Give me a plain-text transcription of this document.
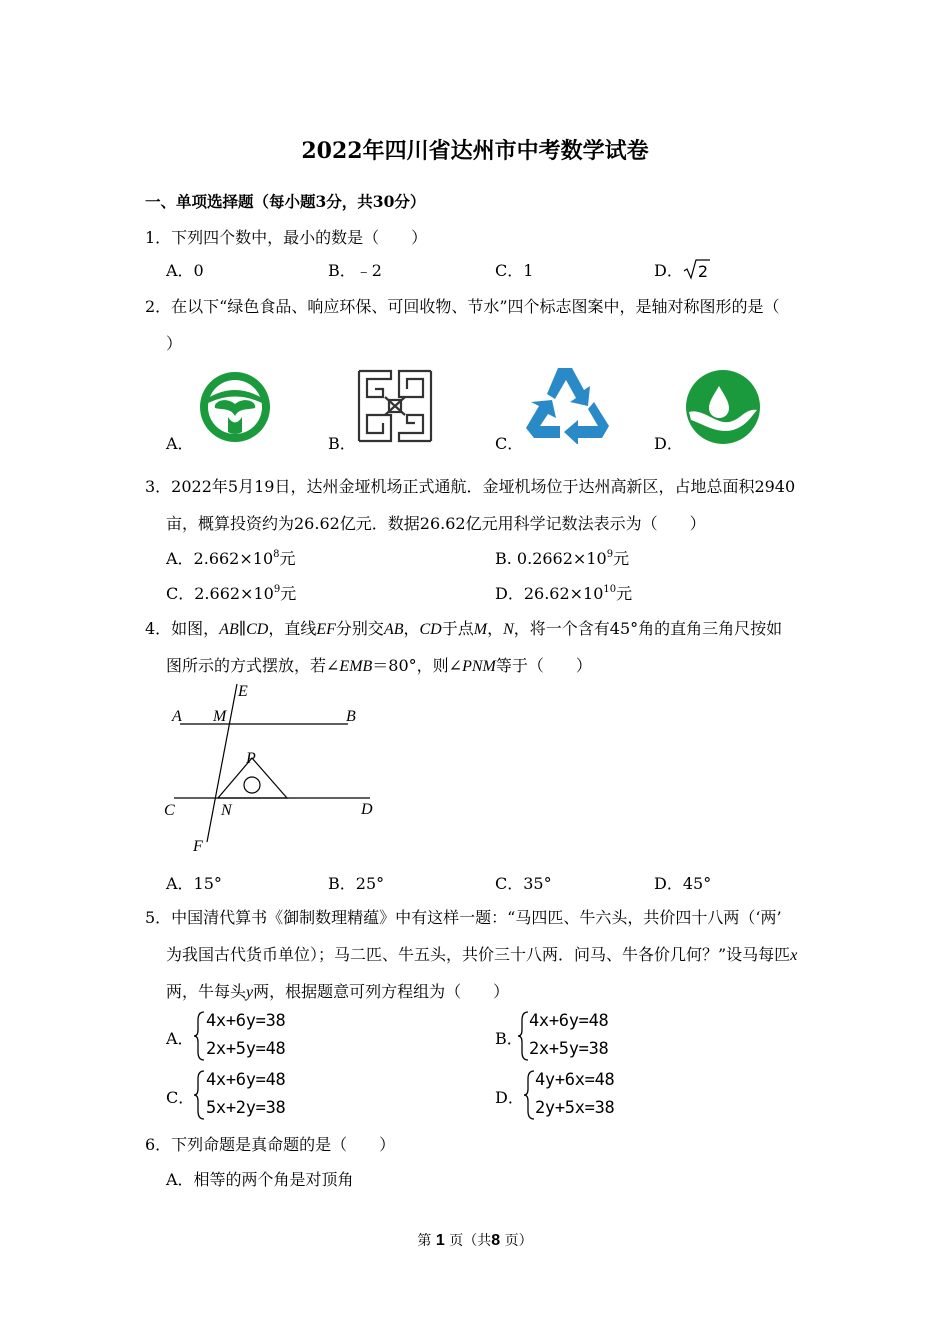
2022年四川省达州市中考数学试卷
一、单项选择题（每小题3分，共30分）
1．下列四个数中，最小的数是（　　）
A．0	B．﹣2	C．1	D． 2
2．在以下“绿色食品、响应环保、可回收物、节水”四个标志图案中，是轴对称图形的是（
）
A．	B．	C．	D．
3．2022年5月19日，达州金垭机场正式通航．金垭机场位于达州高新区，占地总面积2940
亩，概算投资约为26.62亿元．数据26.62亿元用科学记数法表示为（　　）
A．$2.662\times 10^8$元	B. $0.2662\times 10^9$元
C．$2.662\times 10^9$元	D．$26.62\times 10^{10}$元
4．如图，AB∥CD，直线EF分别交AB，CD于点M，N，将一个含有45°角的直角三角尺按如
图所示的方式摆放，若∠EMB＝80°，则∠PNM等于（　　）
A M	B
E
P
C	N	D
F
A．15°	B．25°	C．35°	D．45°
5．中国清代算书《御制数理精蕴》中有这样一题：“马四匹、牛六头，共价四十八两（‘两’
为我国古代货币单位）；马二匹、牛五头，共价三十八两．问马、牛各价几何？”设马每匹x
两，牛每头y两，根据题意可列方程组为（　　）
A．
4x+6y=38
2x+5y=48
B．
4x+6y=48
2x+5y=38
C．
4x+6y=48
5x+2y=38
D．
4y+6x=48
2y+5x=38
6．下列命题是真命题的是（　　）
A．相等的两个角是对顶角
第 1 页（共8 页）
